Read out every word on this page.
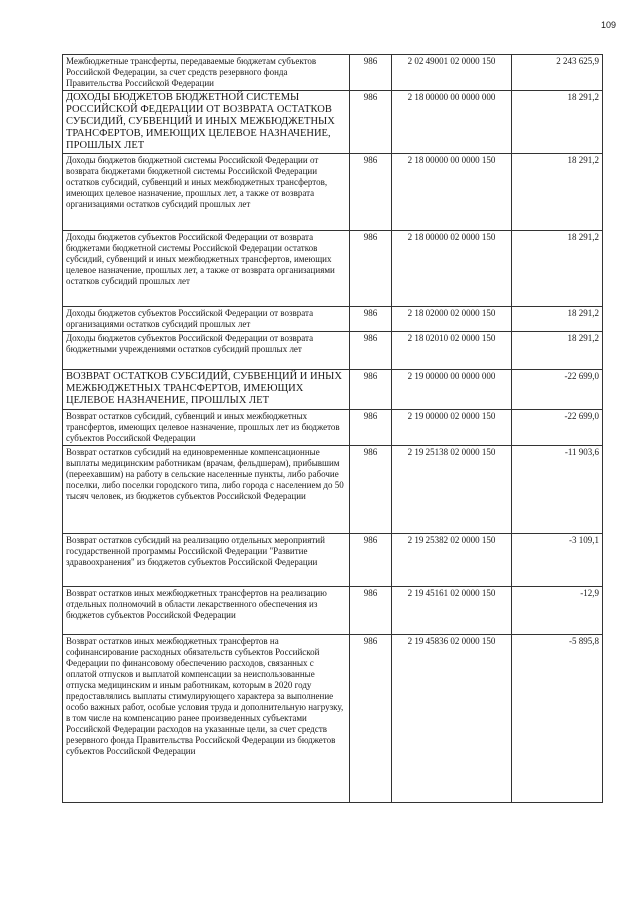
109
Межбюджетные трансферты, передаваемые бюджетам субъектов Российской Федерации, за счет средств резервного фонда Правительства Российской Федерации	986	2 02 49001 02 0000 150	2 243 625,9
ДОХОДЫ БЮДЖЕТОВ БЮДЖЕТНОЙ СИСТЕМЫ РОССИЙСКОЙ ФЕДЕРАЦИИ ОТ ВОЗВРАТА ОСТАТКОВ СУБСИДИЙ, СУБВЕНЦИЙ И ИНЫХ МЕЖБЮДЖЕТНЫХ ТРАНСФЕРТОВ, ИМЕЮЩИХ ЦЕЛЕВОЕ НАЗНАЧЕНИЕ, ПРОШЛЫХ ЛЕТ	986	2 18 00000 00 0000 000	18 291,2
Доходы бюджетов бюджетной системы Российской Федерации от возврата бюджетами бюджетной системы Российской Федерации остатков субсидий, субвенций и иных межбюджетных трансфертов, имеющих целевое назначение, прошлых лет, а также от возврата организациями остатков субсидий прошлых лет	986	2 18 00000 00 0000 150	18 291,2
Доходы бюджетов субъектов Российской Федерации от возврата бюджетами бюджетной системы Российской Федерации остатков субсидий, субвенций и иных межбюджетных трансфертов, имеющих целевое назначение, прошлых лет, а также от возврата организациями остатков субсидий прошлых лет	986	2 18 00000 02 0000 150	18 291,2
Доходы бюджетов субъектов Российской Федерации от возврата организациями остатков субсидий прошлых лет	986	2 18 02000 02 0000 150	18 291,2
Доходы бюджетов субъектов Российской Федерации от возврата бюджетными учреждениями остатков субсидий прошлых лет	986	2 18 02010 02 0000 150	18 291,2
ВОЗВРАТ ОСТАТКОВ СУБСИДИЙ, СУБВЕНЦИЙ И ИНЫХ МЕЖБЮДЖЕТНЫХ ТРАНСФЕРТОВ, ИМЕЮЩИХ ЦЕЛЕВОЕ НАЗНАЧЕНИЕ, ПРОШЛЫХ ЛЕТ	986	2 19 00000 00 0000 000	-22 699,0
Возврат остатков субсидий, субвенций и иных межбюджетных трансфертов, имеющих целевое назначение, прошлых лет из бюджетов субъектов Российской Федерации	986	2 19 00000 02 0000 150	-22 699,0
Возврат остатков субсидий на единовременные компенсационные выплаты медицинским работникам (врачам, фельдшерам), прибывшим (переехавшим) на работу в сельские населенные пункты, либо рабочие поселки, либо поселки городского типа, либо города с населением до 50 тысяч человек, из бюджетов субъектов Российской Федерации	986	2 19 25138 02 0000 150	-11 903,6
Возврат остатков субсидий на реализацию отдельных мероприятий государственной программы Российской Федерации "Развитие здравоохранения" из бюджетов субъектов Российской Федерации	986	2 19 25382 02 0000 150	-3 109,1
Возврат остатков иных межбюджетных трансфертов на реализацию отдельных полномочий в области лекарственного обеспечения из бюджетов субъектов Российской Федерации	986	2 19 45161 02 0000 150	-12,9
Возврат остатков иных межбюджетных трансфертов на софинансирование расходных обязательств субъектов Российской Федерации по финансовому обеспечению расходов, связанных с оплатой отпусков и выплатой компенсации за неиспользованные отпуска медицинским и иным работникам, которым в 2020 году предоставлялись выплаты стимулирующего характера за выполнение особо важных работ, особые условия труда и дополнительную нагрузку, в том числе на компенсацию ранее произведенных субъектами Российской Федерации расходов на указанные цели, за счет средств резервного фонда Правительства Российской Федерации из бюджетов субъектов Российской Федерации	986	2 19 45836 02 0000 150	-5 895,8
